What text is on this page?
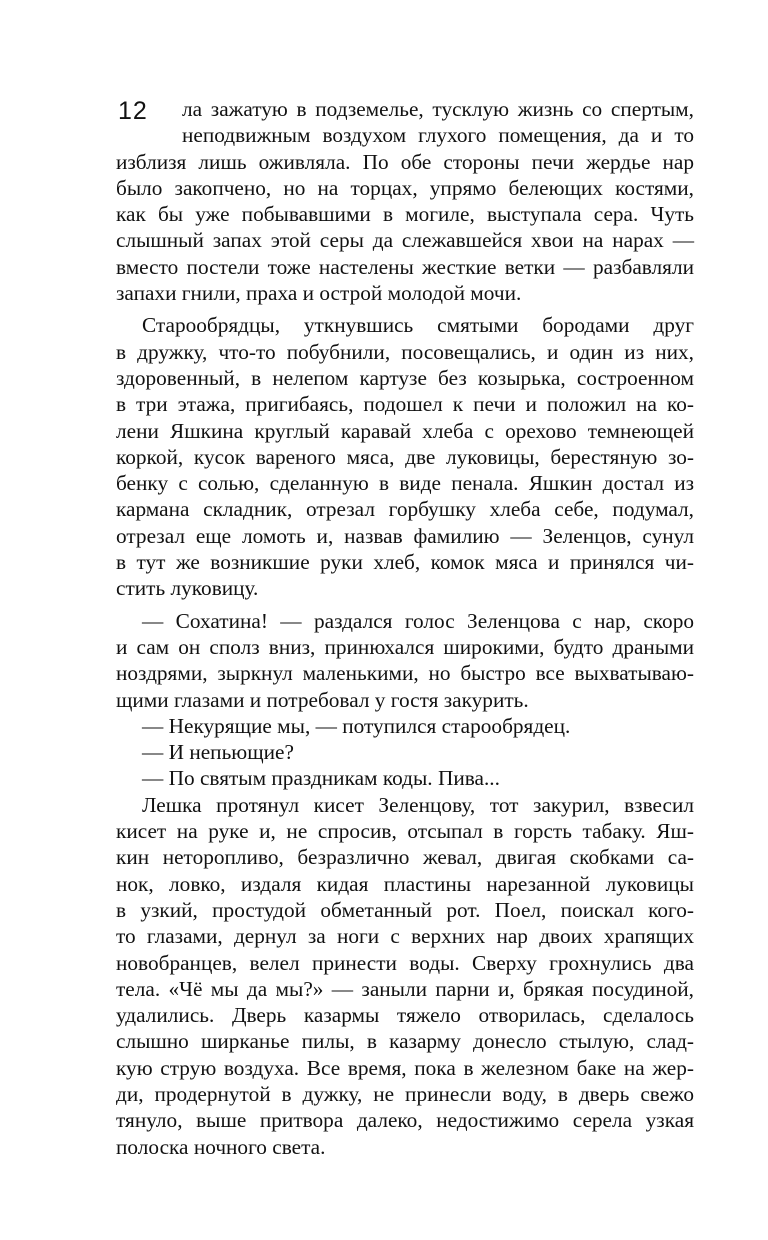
12	ла зажатую в подземелье, тусклую жизнь со спертым,
неподвижным воздухом глухого помещения, да и то
изблизя лишь оживляла. По обе стороны печи жердье нар
было закопчено, но на торцах, упрямо белеющих костями,
как бы уже побывавшими в могиле, выступала сера. Чуть
слышный запах этой серы да слежавшейся хвои на нарах —
вместо постели тоже настелены жесткие ветки — разбавляли
запахи гнили, праха и острой молодой мочи.
Старообрядцы, уткнувшись смятыми бородами друг
в дружку, что-то побубнили, посовещались, и один из них,
здоровенный, в нелепом картузе без козырька, состроенном
в три этажа, пригибаясь, подошел к печи и положил на ко-
лени Яшкина круглый каравай хлеба с орехово темнеющей
коркой, кусок вареного мяса, две луковицы, берестяную зо-
бенку с солью, сделанную в виде пенала. Яшкин достал из
кармана складник, отрезал горбушку хлеба себе, подумал,
отрезал еще ломоть и, назвав фамилию — Зеленцов, сунул
в тут же возникшие руки хлеб, комок мяса и принялся чи-
стить луковицу.
— Сохатина! — раздался голос Зеленцова с нар, скоро
и сам он сполз вниз, принюхался широкими, будто драными
ноздрями, зыркнул маленькими, но быстро все выхватываю-
щими глазами и потребовал у гостя закурить.
— Некурящие мы, — потупился старообрядец.
— И непьющие?
— По святым праздникам коды. Пива...
Лешка протянул кисет Зеленцову, тот закурил, взвесил
кисет на руке и, не спросив, отсыпал в горсть табаку. Яш-
кин неторопливо, безразлично жевал, двигая скобками са-
нок, ловко, издаля кидая пластины нарезанной луковицы
в узкий, простудой обметанный рот. Поел, поискал кого-
то глазами, дернул за ноги с верхних нар двоих храпящих
новобранцев, велел принести воды. Сверху грохнулись два
тела. «Чё мы да мы?» — заныли парни и, брякая посудиной,
удалились. Дверь казармы тяжело отворилась, сделалось
слышно ширканье пилы, в казарму донесло стылую, слад-
кую струю воздуха. Все время, пока в железном баке на жер-
ди, продернутой в дужку, не принесли воду, в дверь свежо
тянуло, выше притвора далеко, недостижимо серела узкая
полоска ночного света.
